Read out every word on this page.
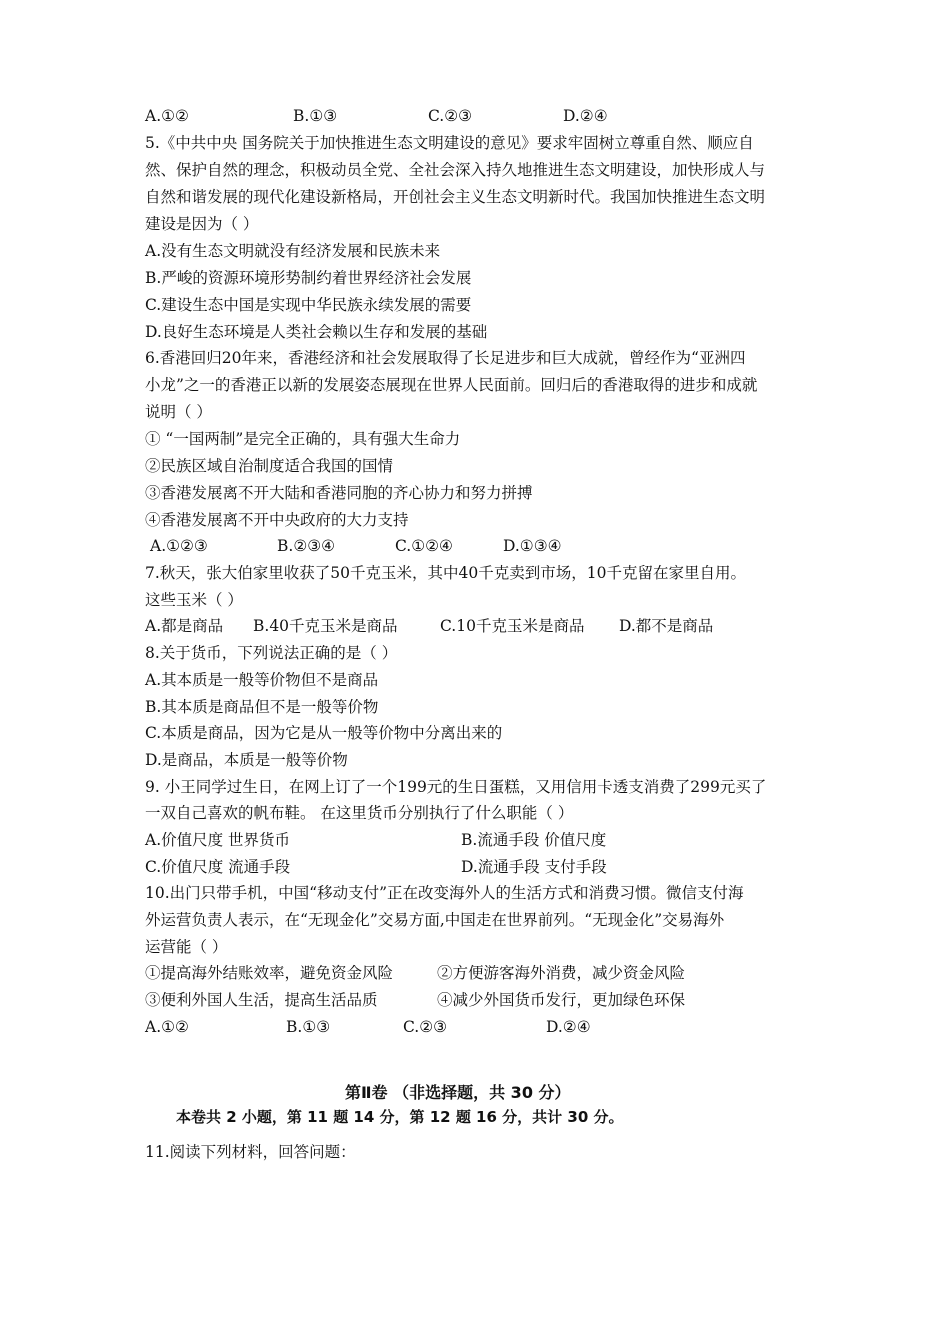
A.①②	B.①③	C.②③	D.②④
5.《中共中央 国务院关于加快推进生态文明建设的意见》要求牢固树立尊重自然、顺应自
然、保护自然的理念，积极动员全党、全社会深入持久地推进生态文明建设，加快形成人与
自然和谐发展的现代化建设新格局，开创社会主义生态文明新时代。我国加快推进生态文明
建设是因为（ ）
A.没有生态文明就没有经济发展和民族未来
B.严峻的资源环境形势制约着世界经济社会发展
C.建设生态中国是实现中华民族永续发展的需要
D.良好生态环境是人类社会赖以生存和发展的基础
6.香港回归20年来，香港经济和社会发展取得了长足进步和巨大成就，曾经作为“亚洲四
小龙”之一的香港正以新的发展姿态展现在世界人民面前。回归后的香港取得的进步和成就
说明（ ）
① “一国两制”是完全正确的，具有强大生命力
②民族区域自治制度适合我国的国情
③香港发展离不开大陆和香港同胞的齐心协力和努力拼搏
④香港发展离不开中央政府的大力支持
A.①②③	B.②③④	C.①②④	D.①③④
7.秋天，张大伯家里收获了50千克玉米，其中40千克卖到市场，10千克留在家里自用。
这些玉米（ ）
A.都是商品 B.40千克玉米是商品	C.10千克玉米是商品 D.都不是商品
8.关于货币，下列说法正确的是（ ）
A.其本质是一般等价物但不是商品
B.其本质是商品但不是一般等价物
C.本质是商品，因为它是从一般等价物中分离出来的
D.是商品，本质是一般等价物
9. 小王同学过生日，在网上订了一个199元的生日蛋糕，又用信用卡透支消费了299元买了
一双自己喜欢的帆布鞋。 在这里货币分别执行了什么职能（ ）
A.价值尺度 世界货币	B.流通手段 价值尺度
C.价值尺度 流通手段	D.流通手段 支付手段
10.出门只带手机，中国“移动支付”正在改变海外人的生活方式和消费习惯。微信支付海
外运营负责人表示，在“无现金化”交易方面,中国走在世界前列。“无现金化”交易海外
运营能（ ）
①提高海外结账效率，避免资金风险	②方便游客海外消费，减少资金风险
③便利外国人生活，提高生活品质	④减少外国货币发行，更加绿色环保
A.①②	B.①③	C.②③	D.②④
第Ⅱ卷 （非选择题，共 30 分）
本卷共 2 小题，第 11 题 14 分，第 12 题 16 分，共计 30 分。
11.阅读下列材料，回答问题：
